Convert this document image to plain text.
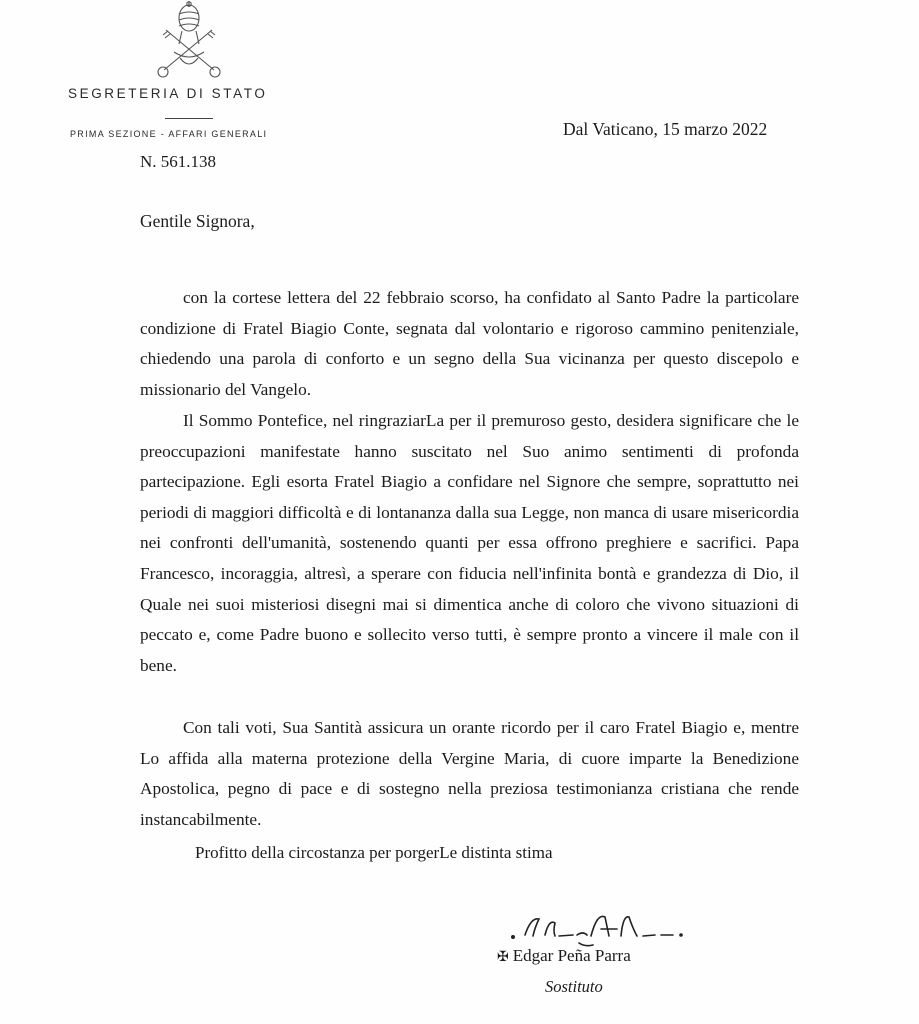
SEGRETERIA DI STATO
PRIMA SEZIONE - AFFARI GENERALI
N. 561.138
Dal Vaticano, 15 marzo 2022
Gentile Signora,

con la cortese lettera del 22 febbraio scorso, ha confidato al Santo Padre la particolare condizione di Fratel Biagio Conte, segnata dal volontario e rigoroso cammino penitenziale, chiedendo una parola di conforto e un segno della Sua vicinanza per questo discepolo e missionario del Vangelo.

Il Sommo Pontefice, nel ringraziarLa per il premuroso gesto, desidera significare che le preoccupazioni manifestate hanno suscitato nel Suo animo sentimenti di profonda partecipazione. Egli esorta Fratel Biagio a confidare nel Signore che sempre, soprattutto nei periodi di maggiori difficoltà e di lontananza dalla sua Legge, non manca di usare misericordia nei confronti dell'umanità, sostenendo quanti per essa offrono preghiere e sacrifici. Papa Francesco, incoraggia, altresì, a sperare con fiducia nell'infinita bontà e grandezza di Dio, il Quale nei suoi misteriosi disegni mai si dimentica anche di coloro che vivono situazioni di peccato e, come Padre buono e sollecito verso tutti, è sempre pronto a vincere il male con il bene.

Con tali voti, Sua Santità assicura un orante ricordo per il caro Fratel Biagio e, mentre Lo affida alla materna protezione della Vergine Maria, di cuore imparte la Benedizione Apostolica, pegno di pace e di sostegno nella preziosa testimonianza cristiana che rende instancabilmente.

Profitto della circostanza per porgerLe distinta stima
✠ Edgar Peña Parra
Sostituto
